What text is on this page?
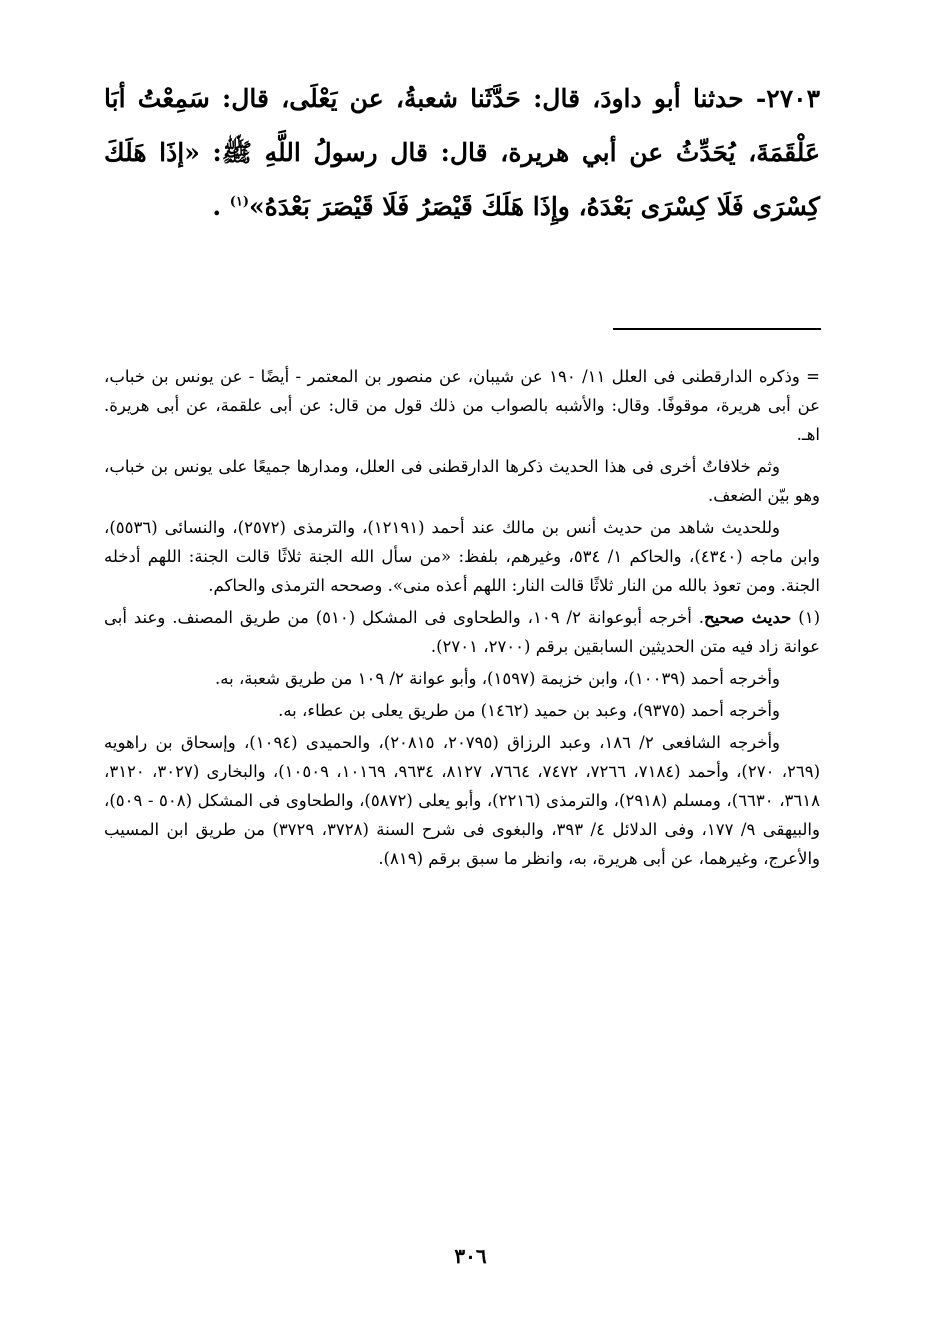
٢٧٠٣- حدثنا أبو داودَ، قال: حَدَّثَنا شعبةُ، عن يَعْلَى، قال: سَمِعْتُ أبَا عَلْقَمَةَ، يُحَدِّثُ عن أبي هريرة، قال: قال رسولُ اللَّهِ ﷺ: «إذَا هَلَكَ كِسْرَى فَلَا كِسْرَى بَعْدَهُ، وإِذَا هَلَكَ قَيْصَرُ فَلَا قَيْصَرَ بَعْدَهُ»$^{(١)}$ .

= وذكره الدارقطنى فى العلل ١١/ ١٩٠ عن شيبان، عن منصور بن المعتمر - أيضًا - عن يونس بن خباب، عن أبى هريرة، موقوفًا. وقال: والأشبه بالصواب من ذلك قول من قال: عن أبى علقمة، عن أبى هريرة. اهـ.

وثم خلافاتٌ أخرى فى هذا الحديث ذكرها الدارقطنى فى العلل، ومدارها جميعًا على يونس بن خباب، وهو بيّن الضعف.

وللحديث شاهد من حديث أنس بن مالك عند أحمد (١٢١٩١)، والترمذى (٢٥٧٢)، والنسائى (٥٥٣٦)، وابن ماجه (٤٣٤٠)، والحاكم ١/ ٥٣٤، وغيرهم، بلفظ: «من سأل الله الجنة ثلاثًا قالت الجنة: اللهم أدخله الجنة. ومن تعوذ بالله من النار ثلاثًا قالت النار: اللهم أعذه منى». وصححه الترمذى والحاكم.

(١) حديث صحيح. أخرجه أبوعوانة ٢/ ١٠٩، والطحاوى فى المشكل (٥١٠) من طريق المصنف. وعند أبى عوانة زاد فيه متن الحديثين السابقين برقم (٢٧٠٠، ٢٧٠١).

وأخرجه أحمد (١٠٠٣٩)، وابن خزيمة (١٥٩٧)، وأبو عوانة ٢/ ١٠٩ من طريق شعبة، به.

وأخرجه أحمد (٩٣٧٥)، وعبد بن حميد (١٤٦٢) من طريق يعلى بن عطاء، به.

وأخرجه الشافعى ٢/ ١٨٦، وعبد الرزاق (٢٠٧٩٥، ٢٠٨١٥)، والحميدى (١٠٩٤)، وإسحاق بن راهويه (٢٦٩، ٢٧٠)، وأحمد (٧١٨٤، ٧٢٦٦، ٧٤٧٢، ٧٦٦٤، ٨١٢٧، ٩٦٣٤، ١٠١٦٩، ١٠٥٠٩)، والبخارى (٣٠٢٧، ٣١٢٠، ٣٦١٨، ٦٦٣٠)، ومسلم (٢٩١٨)، والترمذى (٢٢١٦)، وأبو يعلى (٥٨٧٢)، والطحاوى فى المشكل (٥٠٨ - ٥٠٩)، والبيهقى ٩/ ١٧٧، وفى الدلائل ٤/ ٣٩٣، والبغوى فى شرح السنة (٣٧٢٨، ٣٧٢٩) من طريق ابن المسيب والأعرج، وغيرهما، عن أبى هريرة، به، وانظر ما سبق برقم (٨١٩).

٣٠٦
